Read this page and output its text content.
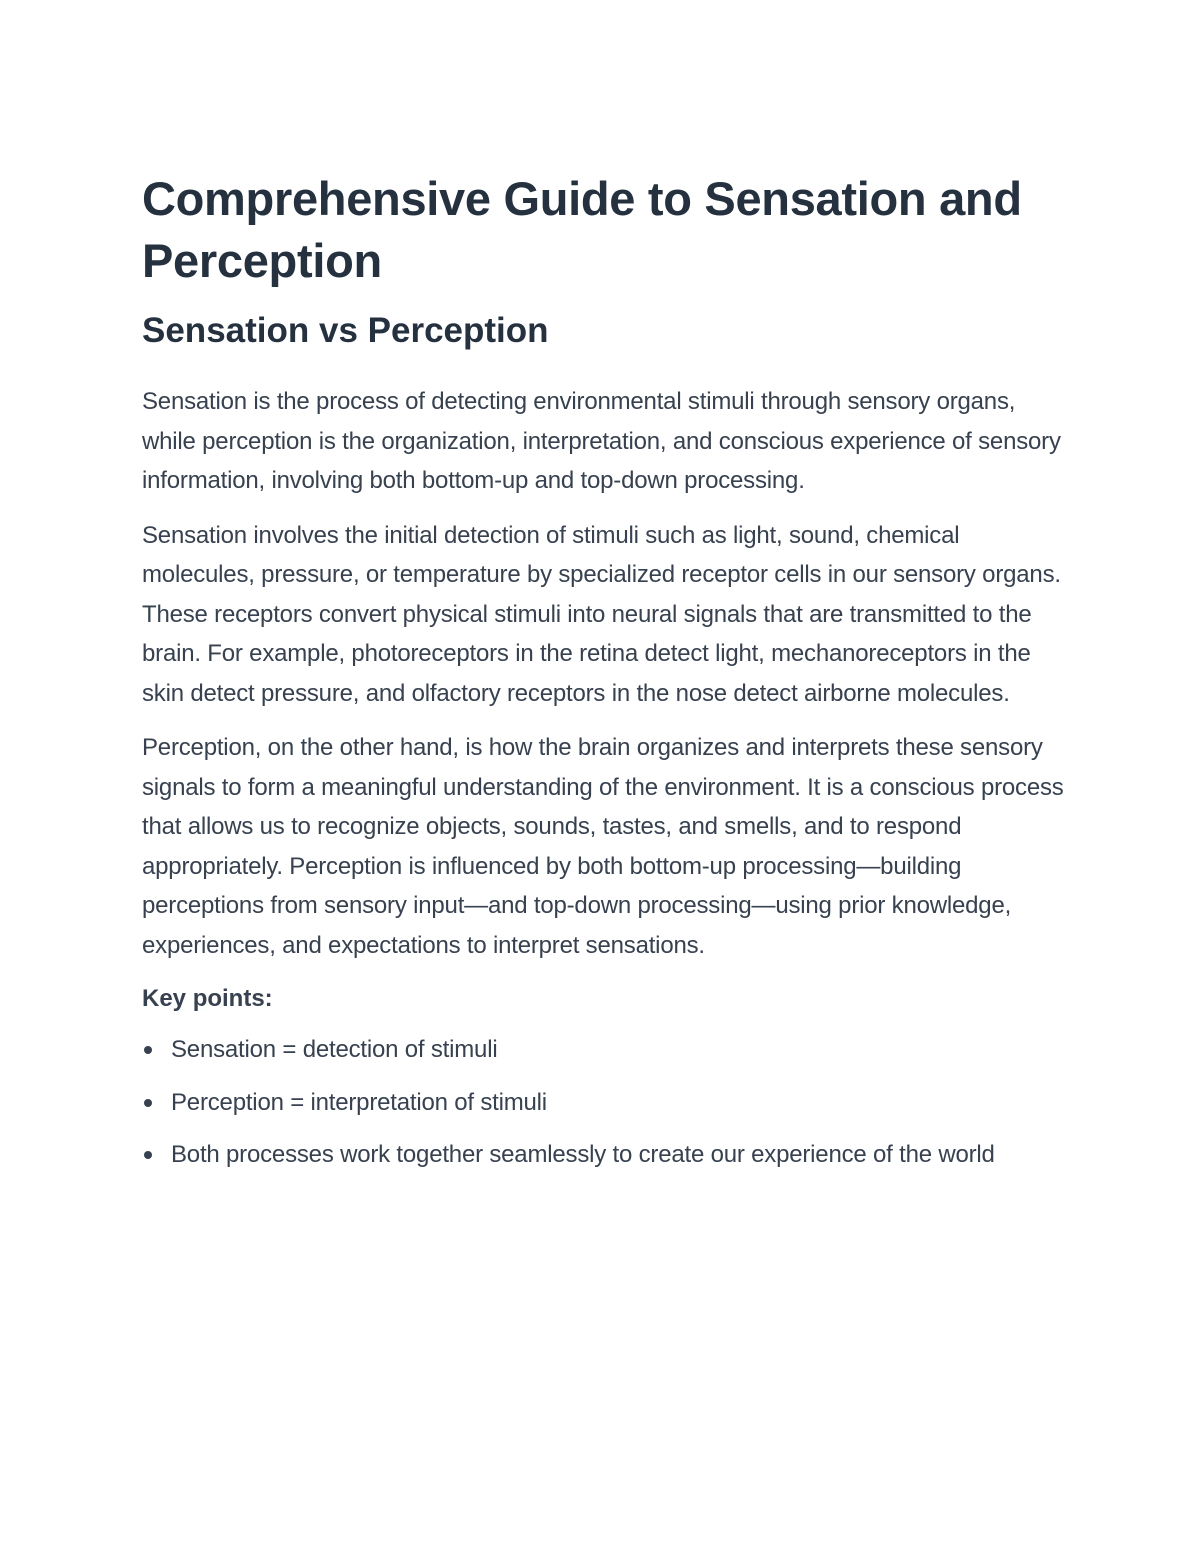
Comprehensive Guide to Sensation and Perception
Sensation vs Perception

Sensation is the process of detecting environmental stimuli through sensory organs, while perception is the organization, interpretation, and conscious experience of sensory information, involving both bottom-up and top-down processing.

Sensation involves the initial detection of stimuli such as light, sound, chemical molecules, pressure, or temperature by specialized receptor cells in our sensory organs. These receptors convert physical stimuli into neural signals that are transmitted to the brain. For example, photoreceptors in the retina detect light, mechanoreceptors in the skin detect pressure, and olfactory receptors in the nose detect airborne molecules.

Perception, on the other hand, is how the brain organizes and interprets these sensory signals to form a meaningful understanding of the environment. It is a conscious process that allows us to recognize objects, sounds, tastes, and smells, and to respond appropriately. Perception is influenced by both bottom-up processing—building perceptions from sensory input—and top-down processing—using prior knowledge, experiences, and expectations to interpret sensations.

Key points:
Sensation = detection of stimuli
Perception = interpretation of stimuli
Both processes work together seamlessly to create our experience of the world
